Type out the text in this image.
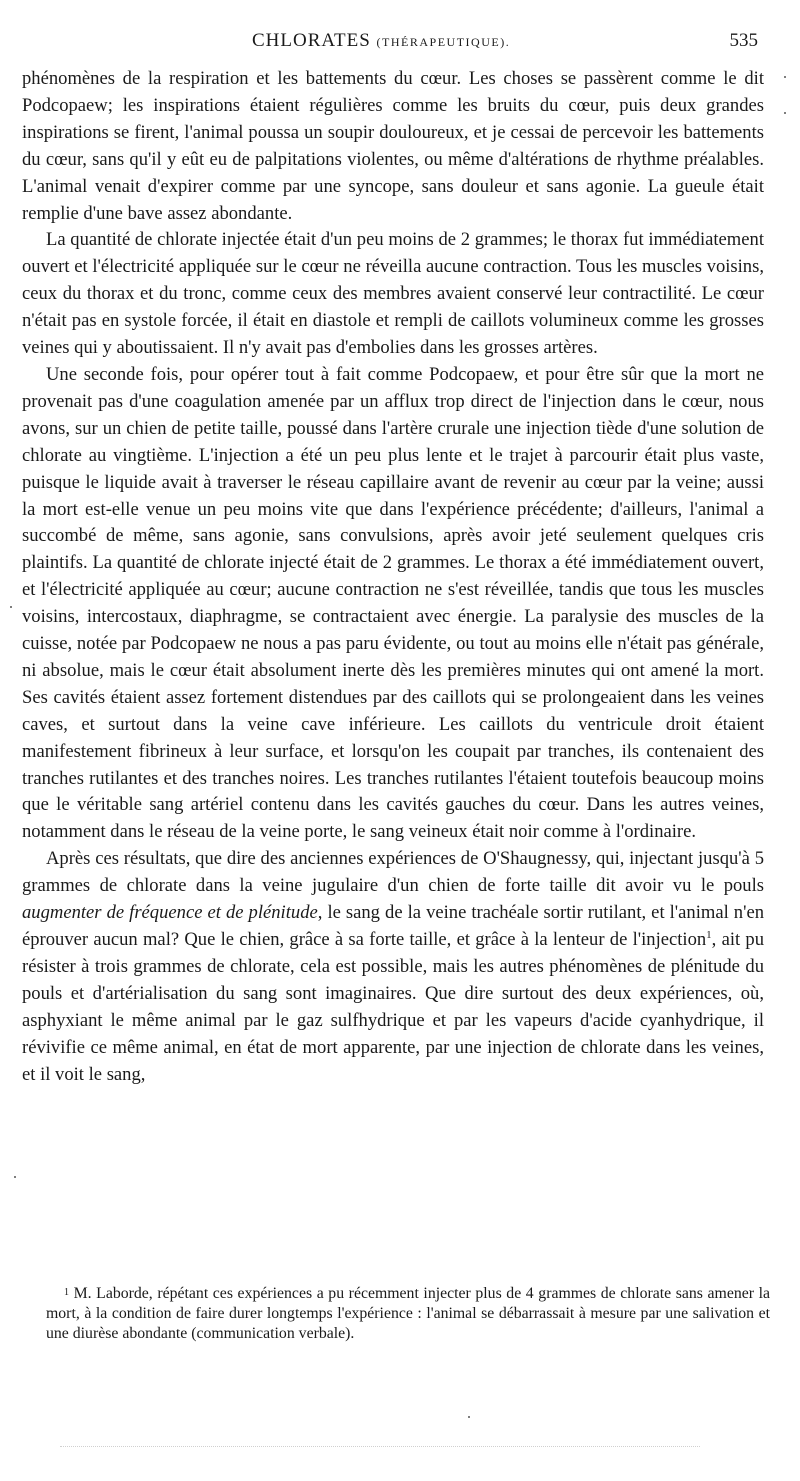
CHLORATES (THÉRAPEUTIQUE).	535

phénomènes de la respiration et les battements du cœur. Les choses se passèrent comme le dit Podcopaew; les inspirations étaient régulières comme les bruits du cœur, puis deux grandes inspirations se firent, l'animal poussa un soupir douloureux, et je cessai de percevoir les battements du cœur, sans qu'il y eût eu de palpitations violentes, ou même d'altérations de rhythme préalables. L'animal venait d'expirer comme par une syncope, sans douleur et sans agonie. La gueule était remplie d'une bave assez abondante.

La quantité de chlorate injectée était d'un peu moins de 2 grammes; le thorax fut immédiatement ouvert et l'électricité appliquée sur le cœur ne réveilla aucune contraction. Tous les muscles voisins, ceux du thorax et du tronc, comme ceux des membres avaient conservé leur contractilité. Le cœur n'était pas en systole forcée, il était en diastole et rempli de caillots volumineux comme les grosses veines qui y aboutissaient. Il n'y avait pas d'embolies dans les grosses artères.

Une seconde fois, pour opérer tout à fait comme Podcopaew, et pour être sûr que la mort ne provenait pas d'une coagulation amenée par un afflux trop direct de l'injection dans le cœur, nous avons, sur un chien de petite taille, poussé dans l'artère crurale une injection tiède d'une solution de chlorate au vingtième. L'injection a été un peu plus lente et le trajet à parcourir était plus vaste, puisque le liquide avait à traverser le réseau capillaire avant de revenir au cœur par la veine; aussi la mort est-elle venue un peu moins vite que dans l'expérience précédente; d'ailleurs, l'animal a succombé de même, sans agonie, sans convulsions, après avoir jeté seulement quelques cris plaintifs. La quantité de chlorate injecté était de 2 grammes. Le thorax a été immédiatement ouvert, et l'électricité appliquée au cœur; aucune contraction ne s'est réveillée, tandis que tous les muscles voisins, intercostaux, diaphragme, se contractaient avec énergie. La paralysie des muscles de la cuisse, notée par Podcopaew ne nous a pas paru évidente, ou tout au moins elle n'était pas générale, ni absolue, mais le cœur était absolument inerte dès les premières minutes qui ont amené la mort. Ses cavités étaient assez fortement distendues par des caillots qui se prolongeaient dans les veines caves, et surtout dans la veine cave inférieure. Les caillots du ventricule droit étaient manifestement fibrineux à leur surface, et lorsqu'on les coupait par tranches, ils contenaient des tranches rutilantes et des tranches noires. Les tranches rutilantes l'étaient toutefois beaucoup moins que le véritable sang artériel contenu dans les cavités gauches du cœur. Dans les autres veines, notamment dans le réseau de la veine porte, le sang veineux était noir comme à l'ordinaire.

Après ces résultats, que dire des anciennes expériences de O'Shaugnessy, qui, injectant jusqu'à 5 grammes de chlorate dans la veine jugulaire d'un chien de forte taille dit avoir vu le pouls augmenter de fréquence et de plénitude, le sang de la veine trachéale sortir rutilant, et l'animal n'en éprouver aucun mal? Que le chien, grâce à sa forte taille, et grâce à la lenteur de l'injection$^1$, ait pu résister à trois grammes de chlorate, cela est possible, mais les autres phénomènes de plénitude du pouls et d'artérialisation du sang sont imaginaires. Que dire surtout des deux expériences, où, asphyxiant le même animal par le gaz sulfhydrique et par les vapeurs d'acide cyanhydrique, il révivifie ce même animal, en état de mort apparente, par une injection de chlorate dans les veines, et il voit le sang,

1 M. Laborde, répétant ces expériences a pu récemment injecter plus de 4 grammes de chlorate sans amener la mort, à la condition de faire durer longtemps l'expérience : l'animal se débarrassait à mesure par une salivation et une diurèse abondante (communication verbale).
